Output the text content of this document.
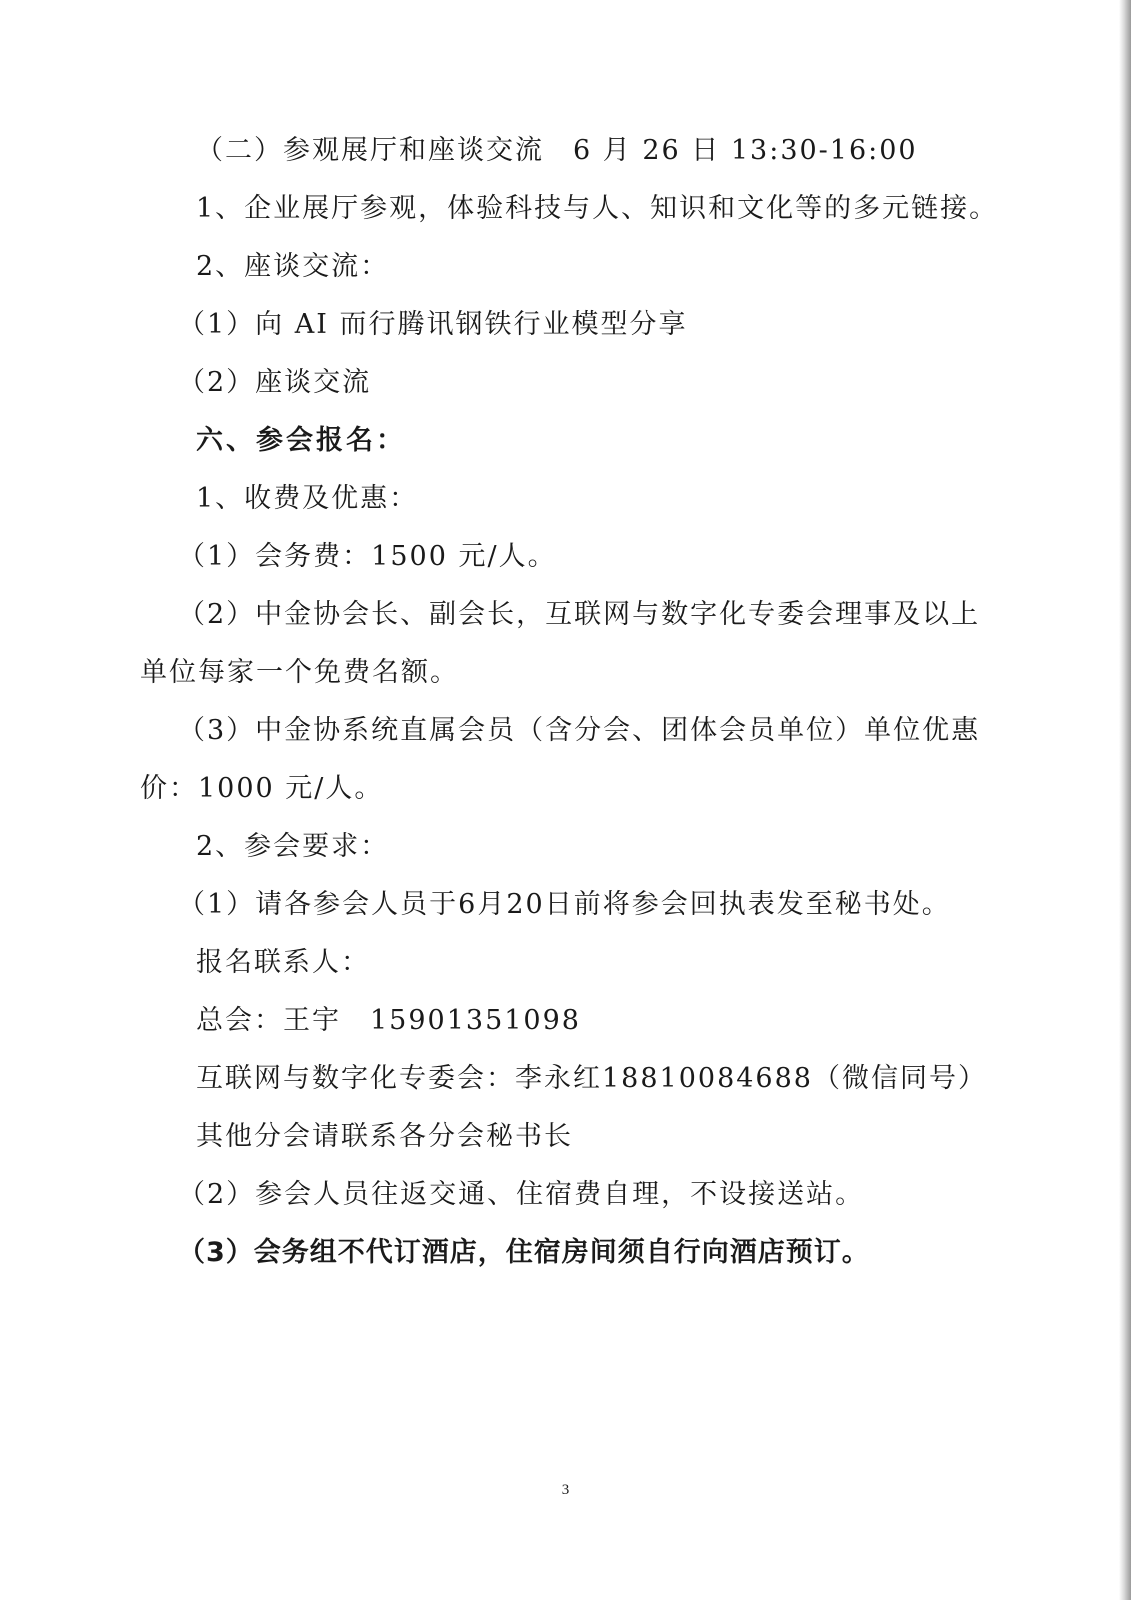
（二）参观展厅和座谈交流　6 月 26 日 13:30-16:00
1、企业展厅参观，体验科技与人、知识和文化等的多元链接。
2、座谈交流：
（1）向 AI 而行腾讯钢铁行业模型分享
（2）座谈交流
六、参会报名：
1、收费及优惠：
（1）会务费：1500 元/人。
（2）中金协会长、副会长，互联网与数字化专委会理事及以上
单位每家一个免费名额。
（3）中金协系统直属会员（含分会、团体会员单位）单位优惠
价：1000 元/人。
2、参会要求：
（1）请各参会人员于6月20日前将参会回执表发至秘书处。
报名联系人：
总会：王宇　15901351098
互联网与数字化专委会：李永红18810084688（微信同号）
其他分会请联系各分会秘书长
（2）参会人员往返交通、住宿费自理，不设接送站。
（3）会务组不代订酒店，住宿房间须自行向酒店预订。
3
